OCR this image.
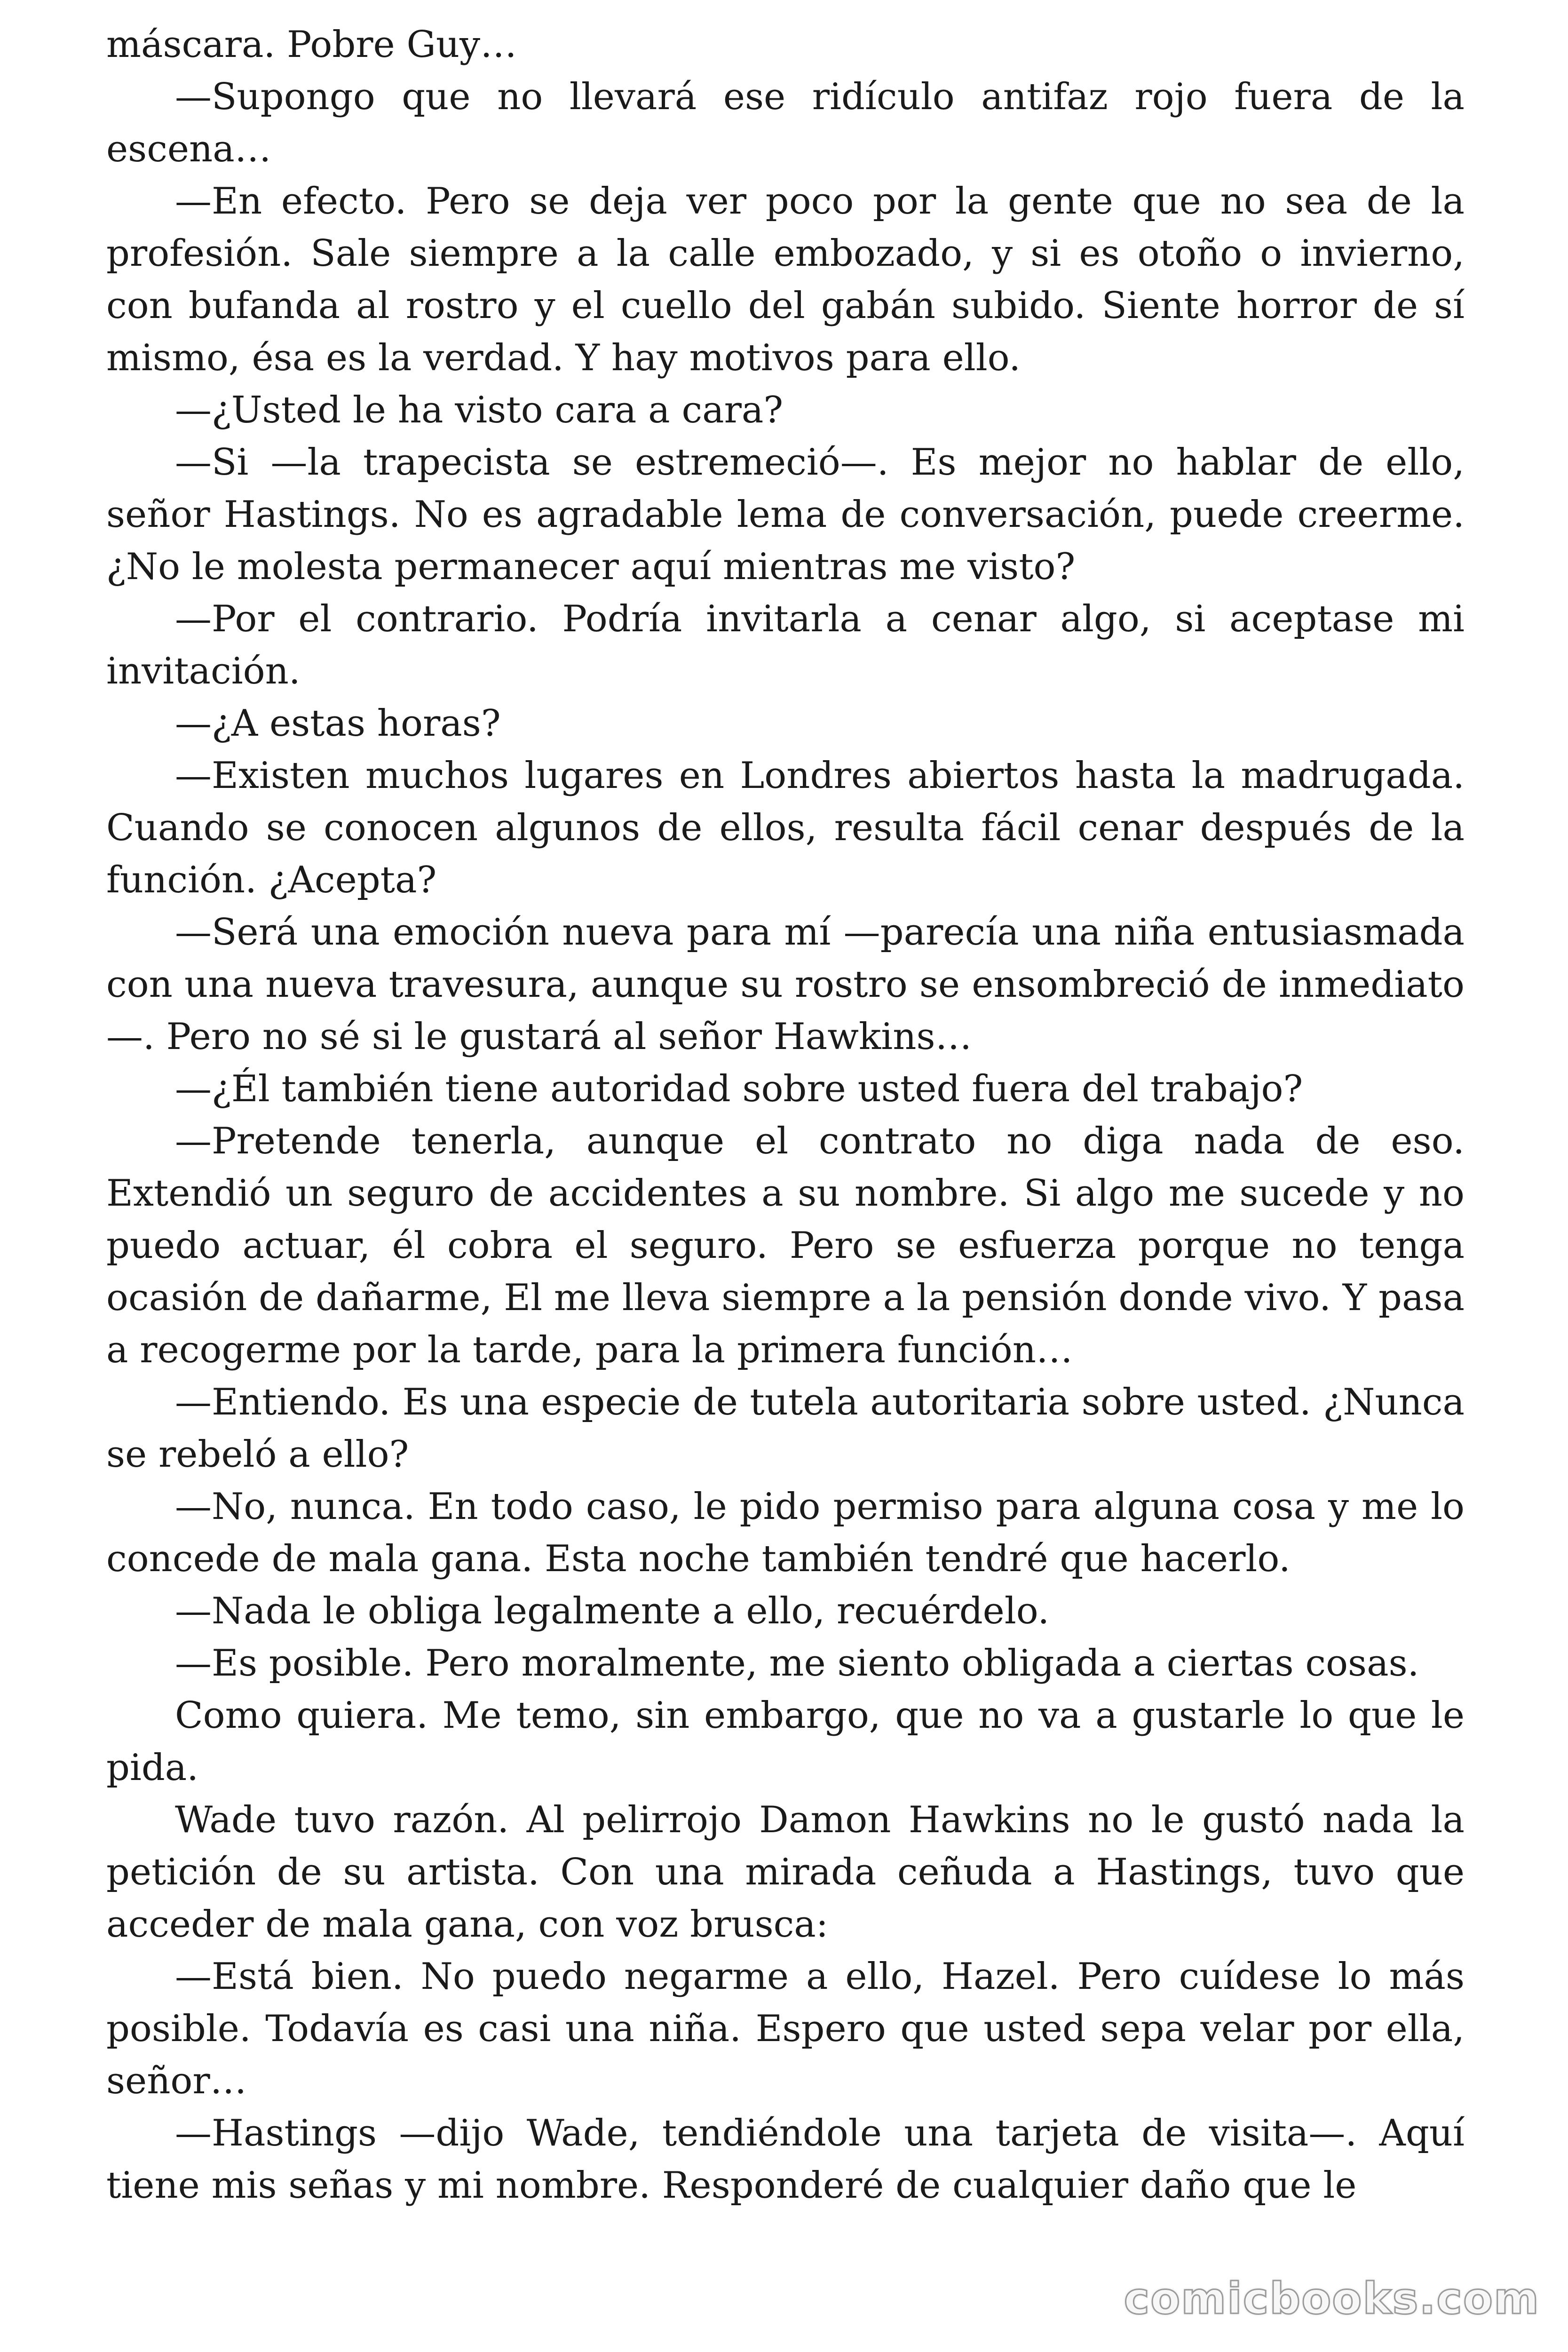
máscara. Pobre Guy…

—Supongo que no llevará ese ridículo antifaz rojo fuera de la escena…

—En efecto. Pero se deja ver poco por la gente que no sea de la profesión. Sale siempre a la calle embozado, y si es otoño o invierno, con bufanda al rostro y el cuello del gabán subido. Siente horror de sí mismo, ésa es la verdad. Y hay motivos para ello.

—¿Usted le ha visto cara a cara?

—Si —la trapecista se estremeció—. Es mejor no hablar de ello, señor Hastings. No es agradable lema de conversación, puede creerme. ¿No le molesta permanecer aquí mientras me visto?

—Por el contrario. Podría invitarla a cenar algo, si aceptase mi invitación.

—¿A estas horas?

—Existen muchos lugares en Londres abiertos hasta la madrugada. Cuando se conocen algunos de ellos, resulta fácil cenar después de la función. ¿Acepta?

—Será una emoción nueva para mí —parecía una niña entusiasmada con una nueva travesura, aunque su rostro se ensombreció de inmediato—. Pero no sé si le gustará al señor Hawkins…

—¿Él también tiene autoridad sobre usted fuera del trabajo?

—Pretende tenerla, aunque el contrato no diga nada de eso. Extendió un seguro de accidentes a su nombre. Si algo me sucede y no puedo actuar, él cobra el seguro. Pero se esfuerza porque no tenga ocasión de dañarme, El me lleva siempre a la pensión donde vivo. Y pasa a recogerme por la tarde, para la primera función…

—Entiendo. Es una especie de tutela autoritaria sobre usted. ¿Nunca se rebeló a ello?

—No, nunca. En todo caso, le pido permiso para alguna cosa y me lo concede de mala gana. Esta noche también tendré que hacerlo.

—Nada le obliga legalmente a ello, recuérdelo.

—Es posible. Pero moralmente, me siento obligada a ciertas cosas.

Como quiera. Me temo, sin embargo, que no va a gustarle lo que le pida.

Wade tuvo razón. Al pelirrojo Damon Hawkins no le gustó nada la petición de su artista. Con una mirada ceñuda a Hastings, tuvo que acceder de mala gana, con voz brusca:

—Está bien. No puedo negarme a ello, Hazel. Pero cuídese lo más posible. Todavía es casi una niña. Espero que usted sepa velar por ella, señor…

—Hastings —dijo Wade, tendiéndole una tarjeta de visita—. Aquí tiene mis señas y mi nombre. Responderé de cualquier daño que le

comicbooks.com
